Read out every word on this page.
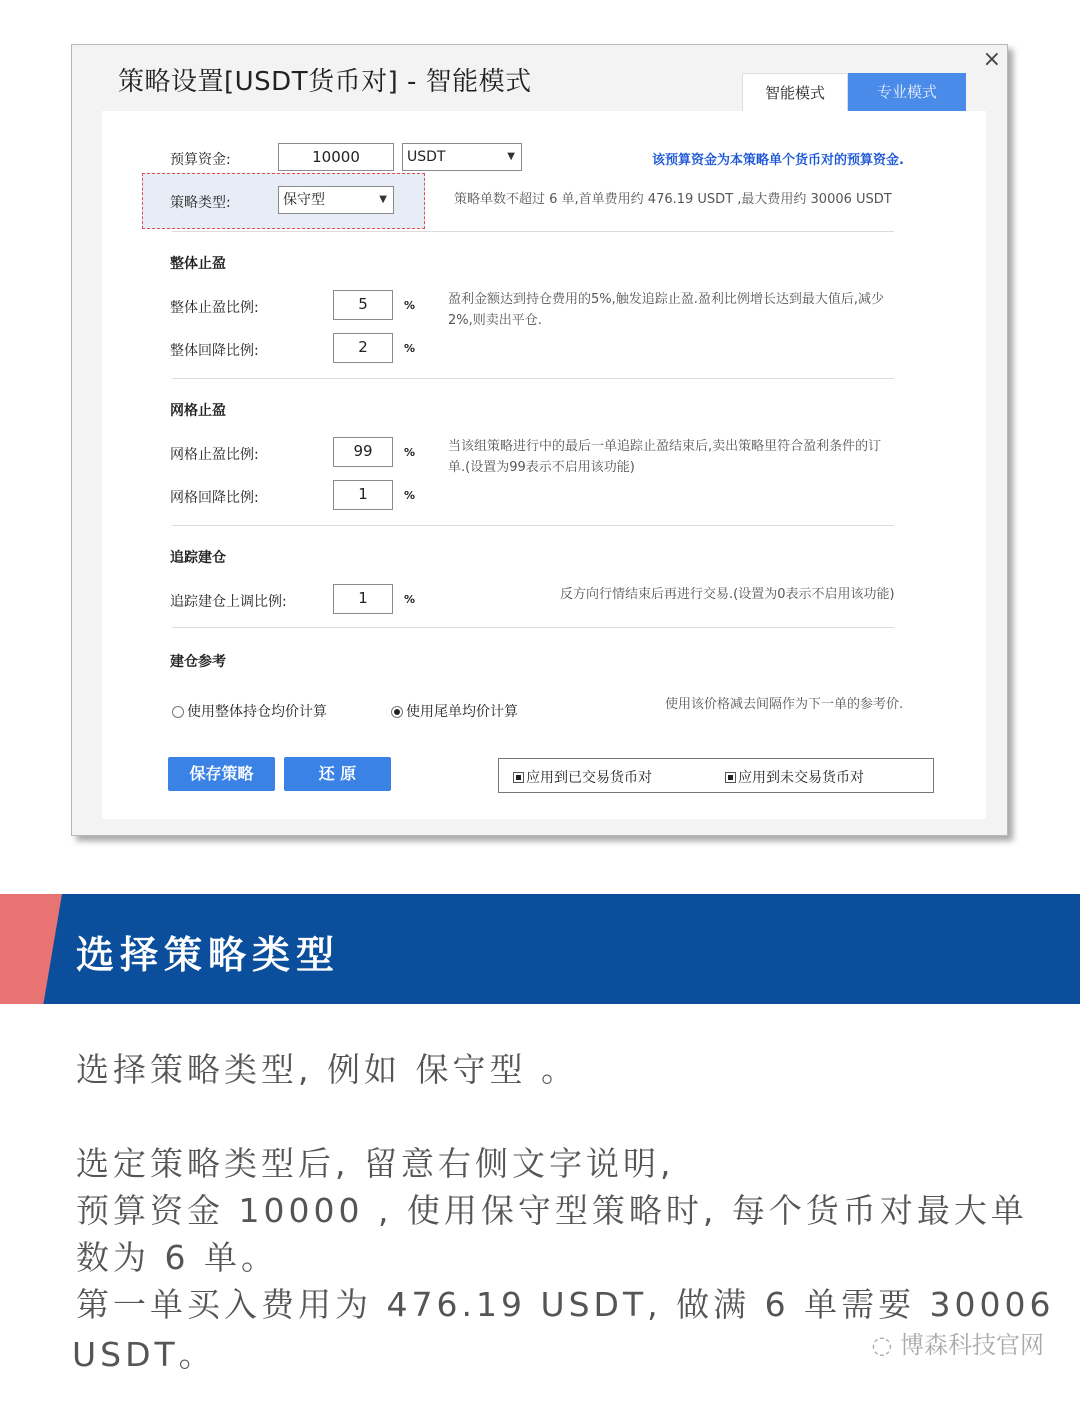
策略设置[USDT货币对] - 智能模式
×
智能模式	专业模式
预算资金:	10000	USDT	▼	该预算资金为本策略单个货币对的预算资金.
策略类型:	保守型	▼	策略单数不超过 6 单,首单费用约 476.19 USDT ,最大费用约 30006 USDT
整体止盈
整体止盈比例:	5	%
整体回降比例:	2	%
盈利金额达到持仓费用的5%,触发追踪止盈.盈利比例增长达到最大值后,减少
2%,则卖出平仓.
网格止盈
网格止盈比例:	99	%
网格回降比例:	1	%
当该组策略进行中的最后一单追踪止盈结束后,卖出策略里符合盈利条件的订
单.(设置为99表示不启用该功能)
追踪建仓
追踪建仓上调比例:	1	%	反方向行情结束后再进行交易.(设置为0表示不启用该功能)
建仓参考
使用整体持仓均价计算	使用尾单均价计算	使用该价格减去间隔作为下一单的参考价.
保存策略	还 原	应用到已交易货币对	应用到未交易货币对
选择策略类型
选择策略类型, 例如 保守型 。
选定策略类型后, 留意右侧文字说明,
预算资金 10000 , 使用保守型策略时, 每个货币对最大单
数为 6 单。
第一单买入费用为 476.19 USDT, 做满 6 单需要 30006
USDT。	◌ 博森科技官网
